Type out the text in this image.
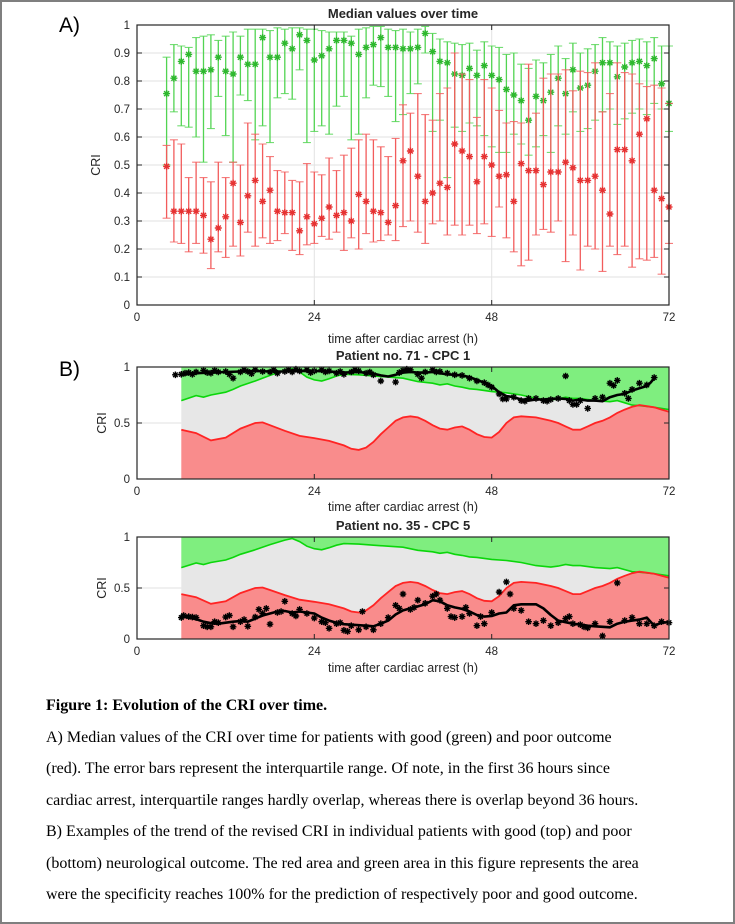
A)
B)
0	24	48	72
0
0.1
0.2
0.3
0.4
0.5
0.6
0.7
0.8
0.9
1
Median values over time
time after cardiac arrest (h)
CRI
0	24	48	72
0
0.5
1
Patient no. 71 - CPC 1
time after cardiac arrest (h)
CRI
0	24	48	72
0
0.5
1
Patient no. 35 - CPC 5
time after cardiac arrest (h)
CRI
Figure 1: Evolution of the CRI over time.
A) Median values of the CRI over time for patients with good (green) and poor outcome
(red). The error bars represent the interquartile range. Of note, in the first 36 hours since
cardiac arrest, interquartile ranges hardly overlap, whereas there is overlap beyond 36 hours.
B) Examples of the trend of the revised CRI in individual patients with good (top) and poor
(bottom) neurological outcome. The red area and green area in this figure represents the area
were the specificity reaches 100% for the prediction of respectively poor and good outcome.
